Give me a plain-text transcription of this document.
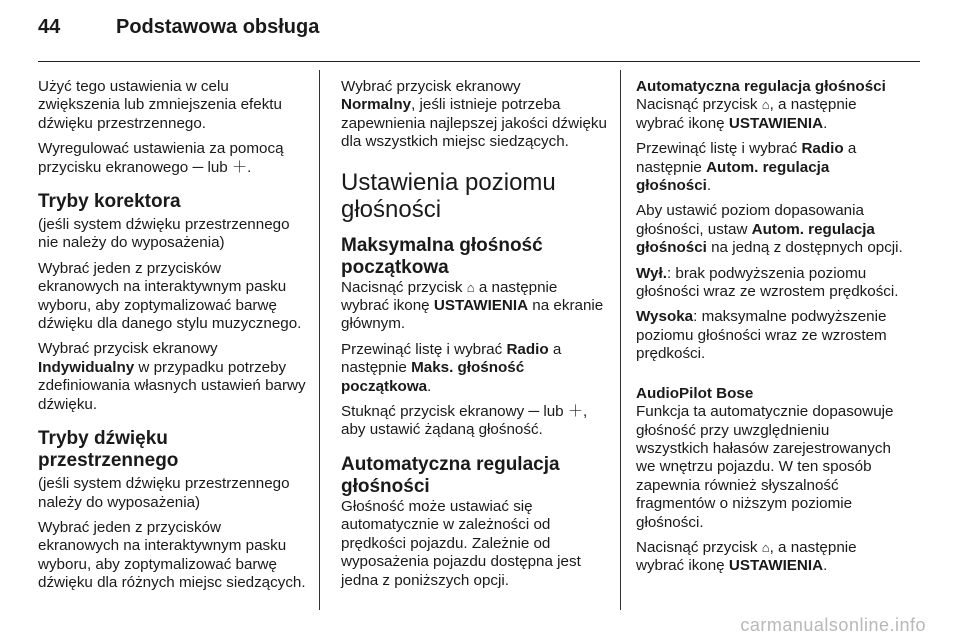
44	Podstawowa obsługa

Użyć tego ustawienia w celu zwiększenia lub zmniejszenia efektu dźwięku przestrzennego.

Wyregulować ustawienia za pomocą przycisku ekranowego ─ lub ＋.

Tryby korektora

(jeśli system dźwięku przestrzennego nie należy do wyposażenia)

Wybrać jeden z przycisków ekranowych na interaktywnym pasku wyboru, aby zoptymalizować barwę dźwięku dla danego stylu muzycznego.

Wybrać przycisk ekranowy
Indywidualny w przypadku potrzeby zdefiniowania własnych ustawień barwy dźwięku.

Tryby dźwięku przestrzennego

(jeśli system dźwięku przestrzennego należy do wyposażenia)

Wybrać jeden z przycisków ekranowych na interaktywnym pasku wyboru, aby zoptymalizować barwę dźwięku dla różnych miejsc siedzących.

Wybrać przycisk ekranowy
Normalny, jeśli istnieje potrzeba zapewnienia najlepszej jakości dźwięku dla wszystkich miejsc siedzących.

Ustawienia poziomu głośności
Maksymalna głośność początkowa

Nacisnąć przycisk ⌂ a następnie wybrać ikonę USTAWIENIA na ekranie głównym.

Przewinąć listę i wybrać Radio a następnie Maks. głośność początkowa.

Stuknąć przycisk ekranowy ─ lub ＋, aby ustawić żądaną głośność.

Automatyczna regulacja głośności

Głośność może ustawiać się automatycznie w zależności od prędkości pojazdu. Zależnie od wyposażenia pojazdu dostępna jest jedna z poniższych opcji.

Automatyczna regulacja głośności

Nacisnąć przycisk ⌂, a następnie wybrać ikonę USTAWIENIA.

Przewinąć listę i wybrać Radio a następnie Autom. regulacja głośności.

Aby ustawić poziom dopasowania głośności, ustaw Autom. regulacja głośności na jedną z dostępnych opcji.

Wył.: brak podwyższenia poziomu głośności wraz ze wzrostem prędkości.

Wysoka: maksymalne podwyższenie poziomu głośności wraz ze wzrostem prędkości.

AudioPilot Bose

Funkcja ta automatycznie dopasowuje głośność przy uwzględnieniu wszystkich hałasów zarejestrowanych we wnętrzu pojazdu. W ten sposób zapewnia również słyszalność fragmentów o niższym poziomie głośności.

Nacisnąć przycisk ⌂, a następnie wybrać ikonę USTAWIENIA.

carmanualsonline.info
